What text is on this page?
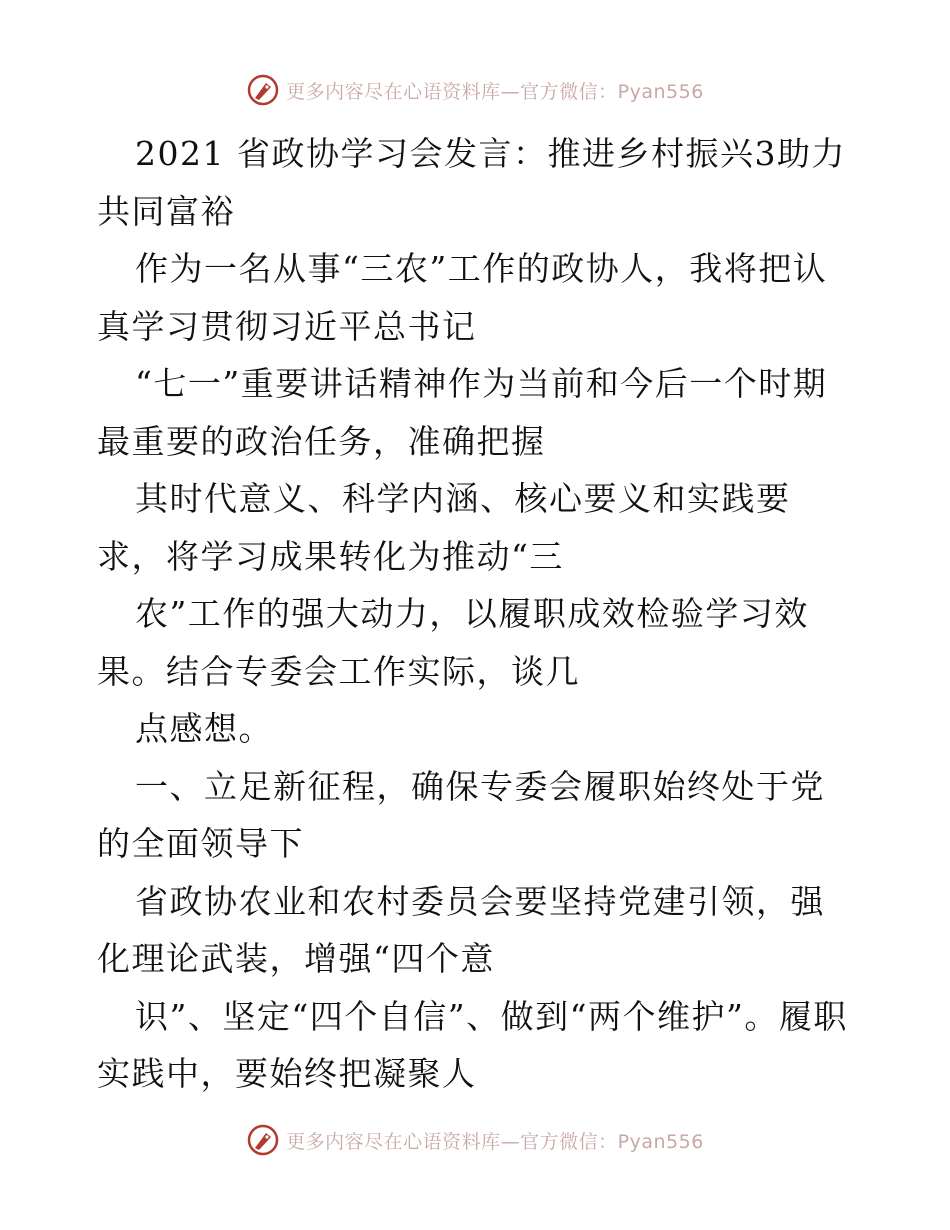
更多内容尽在心语资料库—官方微信：Pyan556

2021 省政协学习会发言：推进乡村振兴3助力共同富裕

作为一名从事“三农”工作的政协人，我将把认真学习贯彻习近平总书记

“七一”重要讲话精神作为当前和今后一个时期最重要的政治任务，准确把握

其时代意义、科学内涵、核心要义和实践要求，将学习成果转化为推动“三

农”工作的强大动力，以履职成效检验学习效果。结合专委会工作实际，谈几

点感想。

一、立足新征程，确保专委会履职始终处于党的全面领导下

省政协农业和农村委员会要坚持党建引领，强化理论武装，增强“四个意

识”、坚定“四个自信”、做到“两个维护”。履职实践中，要始终把凝聚人

更多内容尽在心语资料库—官方微信：Pyan556
